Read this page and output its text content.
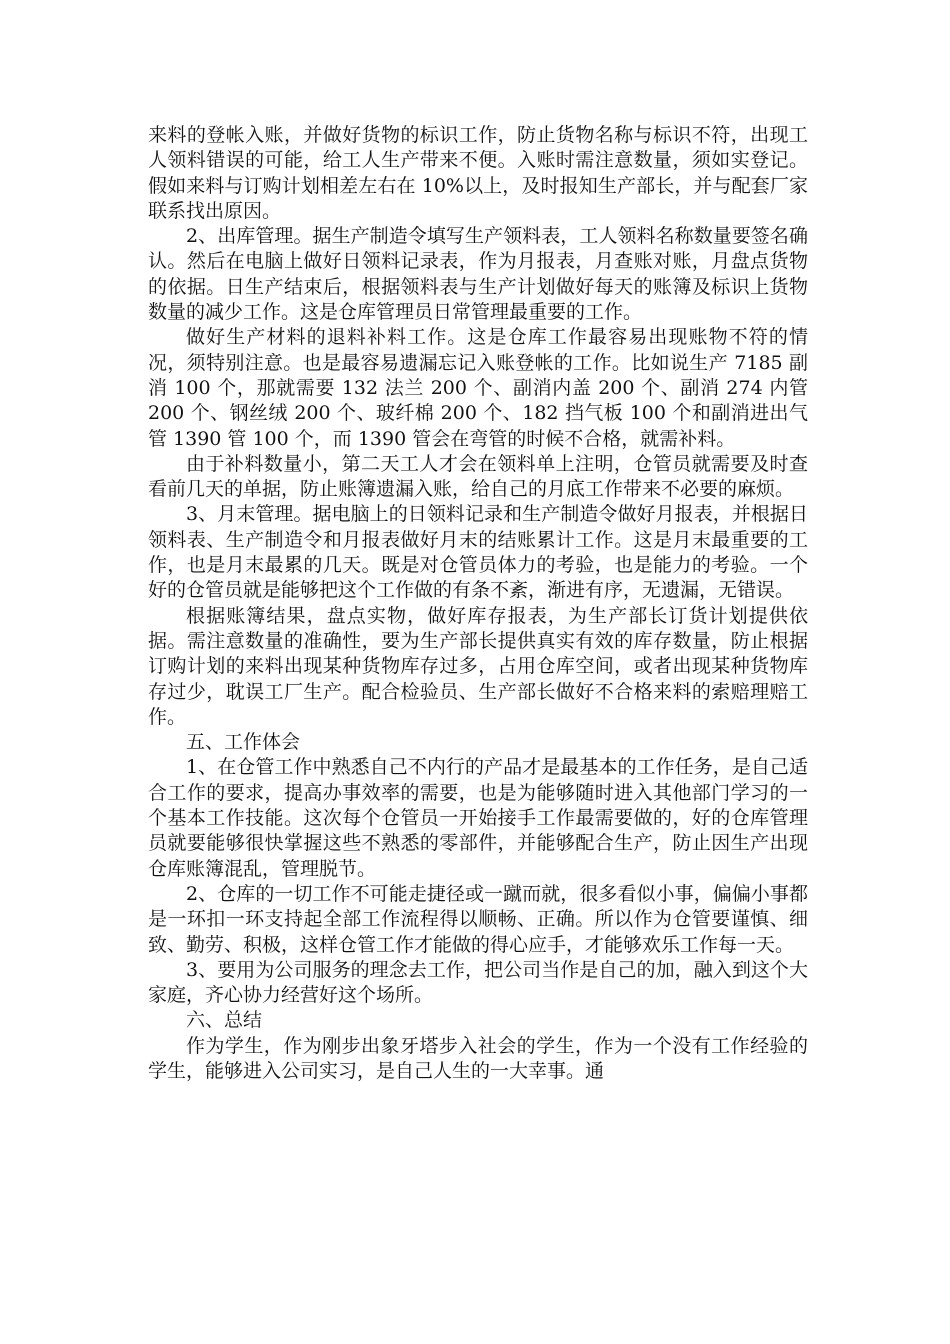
来料的登帐入账，并做好货物的标识工作，防止货物名称与标识不符，出现工人领料错误的可能，给工人生产带来不便。入账时需注意数量，须如实登记。假如来料与订购计划相差左右在 10%以上，及时报知生产部长，并与配套厂家联系找出原因。

2、出库管理。据生产制造令填写生产领料表，工人领料名称数量要签名确认。然后在电脑上做好日领料记录表，作为月报表，月查账对账，月盘点货物的依据。日生产结束后，根据领料表与生产计划做好每天的账簿及标识上货物数量的减少工作。这是仓库管理员日常管理最重要的工作。

做好生产材料的退料补料工作。这是仓库工作最容易出现账物不符的情况，须特别注意。也是最容易遗漏忘记入账登帐的工作。比如说生产 7185 副消 100 个，那就需要 132 法兰 200 个、副消内盖 200 个、副消 274 内管 200 个、钢丝绒 200 个、玻纤棉 200 个、182 挡气板 100 个和副消进出气管 1390 管 100 个，而 1390 管会在弯管的时候不合格，就需补料。

由于补料数量小，第二天工人才会在领料单上注明，仓管员就需要及时查看前几天的单据，防止账簿遗漏入账，给自己的月底工作带来不必要的麻烦。

3、月末管理。据电脑上的日领料记录和生产制造令做好月报表，并根据日领料表、生产制造令和月报表做好月末的结账累计工作。这是月末最重要的工作，也是月末最累的几天。既是对仓管员体力的考验，也是能力的考验。一个好的仓管员就是能够把这个工作做的有条不紊，渐进有序，无遗漏，无错误。

根据账簿结果，盘点实物，做好库存报表，为生产部长订货计划提供依据。需注意数量的准确性，要为生产部长提供真实有效的库存数量，防止根据订购计划的来料出现某种货物库存过多，占用仓库空间，或者出现某种货物库存过少，耽误工厂生产。配合检验员、生产部长做好不合格来料的索赔理赔工作。

五、工作体会

1、在仓管工作中熟悉自己不内行的产品才是最基本的工作任务，是自己适合工作的要求，提高办事效率的需要，也是为能够随时进入其他部门学习的一个基本工作技能。这次每个仓管员一开始接手工作最需要做的，好的仓库管理员就要能够很快掌握这些不熟悉的零部件，并能够配合生产，防止因生产出现仓库账簿混乱，管理脱节。

2、仓库的一切工作不可能走捷径或一蹴而就，很多看似小事，偏偏小事都是一环扣一环支持起全部工作流程得以顺畅、正确。所以作为仓管要谨慎、细致、勤劳、积极，这样仓管工作才能做的得心应手，才能够欢乐工作每一天。

3、要用为公司服务的理念去工作，把公司当作是自己的加，融入到这个大家庭，齐心协力经营好这个场所。

六、总结

作为学生，作为刚步出象牙塔步入社会的学生，作为一个没有工作经验的学生，能够进入公司实习，是自己人生的一大幸事。通
